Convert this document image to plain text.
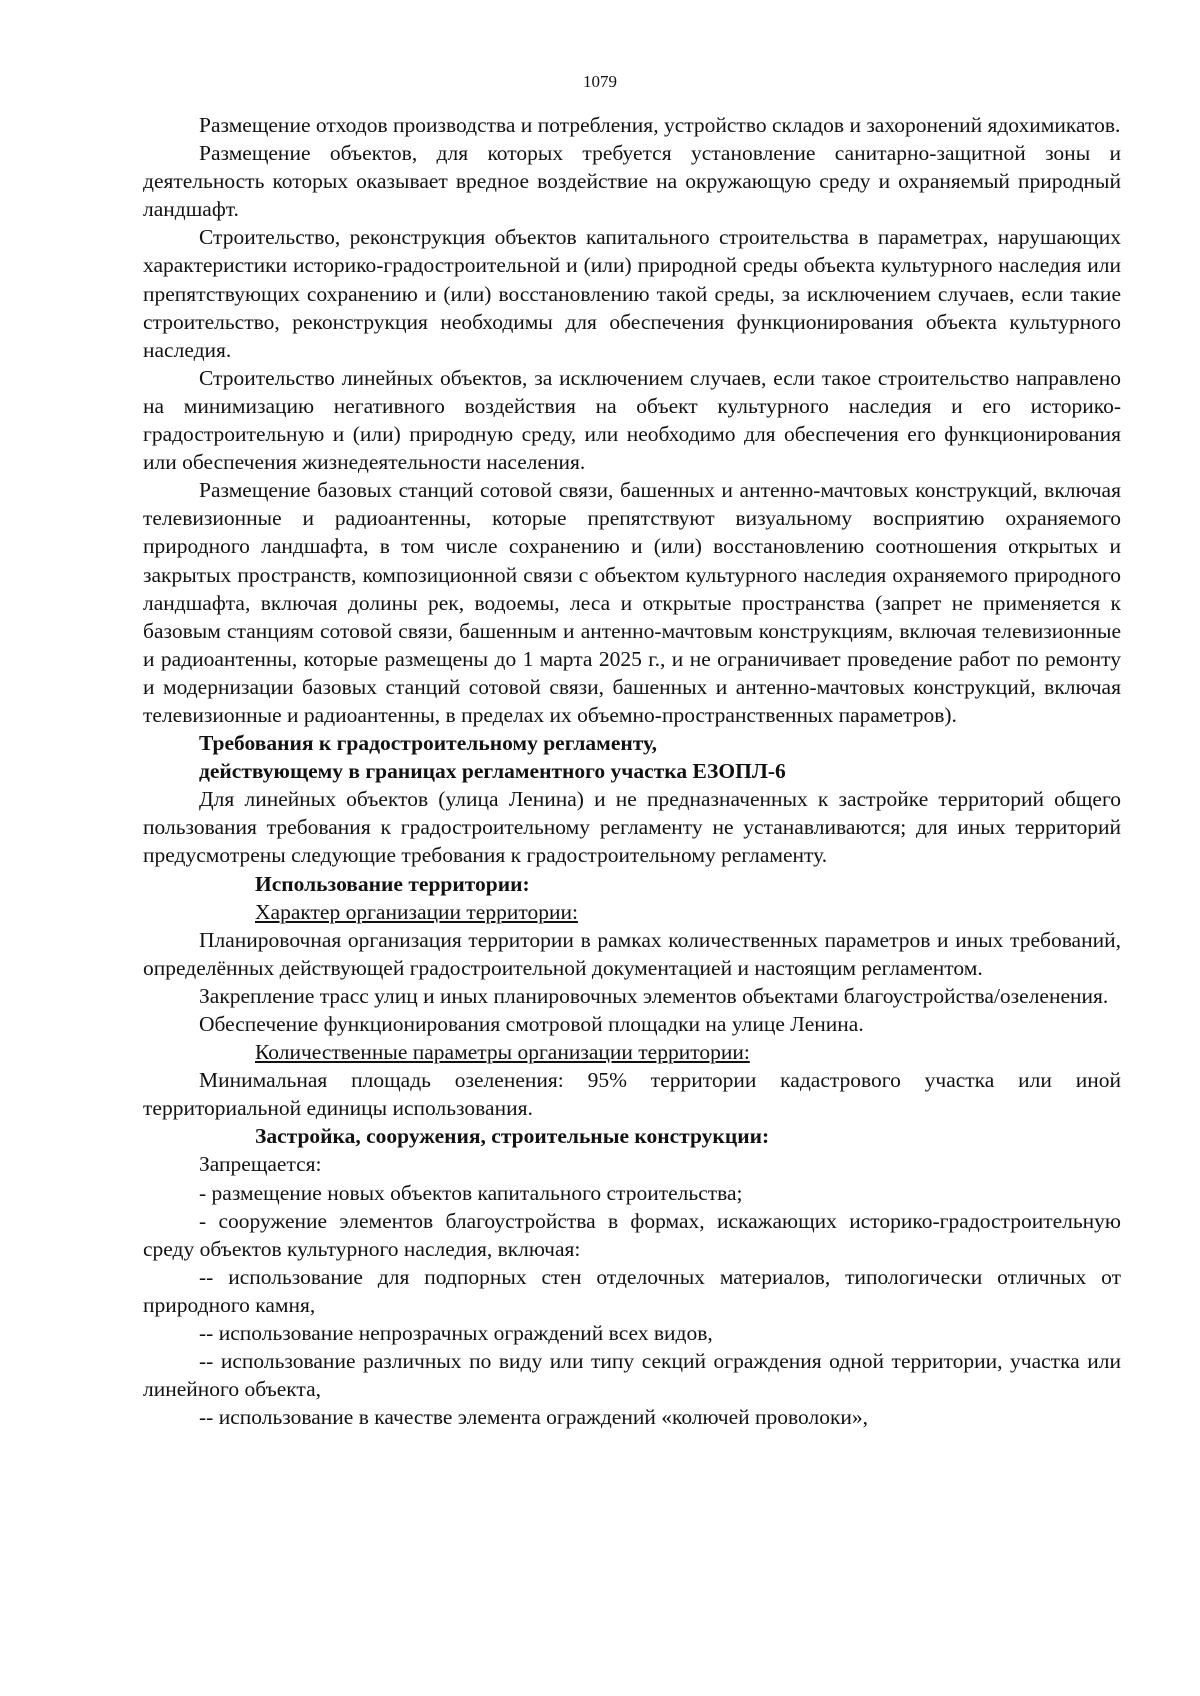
1079

Размещение отходов производства и потребления, устройство складов и захоронений ядохимикатов.

Размещение объектов, для которых требуется установление санитарно-защитной зоны и деятельность которых оказывает вредное воздействие на окружающую среду и охраняемый природный ландшафт.

Строительство, реконструкция объектов капитального строительства в параметрах, нарушающих характеристики историко-градостроительной и (или) природной среды объекта культурного наследия или препятствующих сохранению и (или) восстановлению такой среды, за исключением случаев, если такие строительство, реконструкция необходимы для обеспечения функционирования объекта культурного наследия.

Строительство линейных объектов, за исключением случаев, если такое строительство направлено на минимизацию негативного воздействия на объект культурного наследия и его историко-градостроительную и (или) природную среду, или необходимо для обеспечения его функционирования или обеспечения жизнедеятельности населения.

Размещение базовых станций сотовой связи, башенных и антенно-мачтовых конструкций, включая телевизионные и радиоантенны, которые препятствуют визуальному восприятию охраняемого природного ландшафта, в том числе сохранению и (или) восстановлению соотношения открытых и закрытых пространств, композиционной связи с объектом культурного наследия охраняемого природного ландшафта, включая долины рек, водоемы, леса и открытые пространства (запрет не применяется к базовым станциям сотовой связи, башенным и антенно-мачтовым конструкциям, включая телевизионные и радиоантенны, которые размещены до 1 марта 2025 г., и не ограничивает проведение работ по ремонту и модернизации базовых станций сотовой связи, башенных и антенно-мачтовых конструкций, включая телевизионные и радиоантенны, в пределах их объемно-пространственных параметров).

Требования к градостроительному регламенту,

действующему в границах регламентного участка ЕЗОПЛ-6

Для линейных объектов (улица Ленина) и не предназначенных к застройке территорий общего пользования требования к градостроительному регламенту не устанавливаются; для иных территорий предусмотрены следующие требования к градостроительному регламенту.

Использование территории:

Характер организации территории:

Планировочная организация территории в рамках количественных параметров и иных требований, определённых действующей градостроительной документацией и настоящим регламентом.

Закрепление трасс улиц и иных планировочных элементов объектами благоустройства/озеленения.

Обеспечение функционирования смотровой площадки на улице Ленина.

Количественные параметры организации территории:

Минимальная площадь озеленения: 95% территории кадастрового участка или иной территориальной единицы использования.

Застройка, сооружения, строительные конструкции:

Запрещается:

- размещение новых объектов капитального строительства;

- сооружение элементов благоустройства в формах, искажающих историко-градостроительную среду объектов культурного наследия, включая:

-- использование для подпорных стен отделочных материалов, типологически отличных от природного камня,

-- использование непрозрачных ограждений всех видов,

-- использование различных по виду или типу секций ограждения одной территории, участка или линейного объекта,

-- использование в качестве элемента ограждений «колючей проволоки»,
